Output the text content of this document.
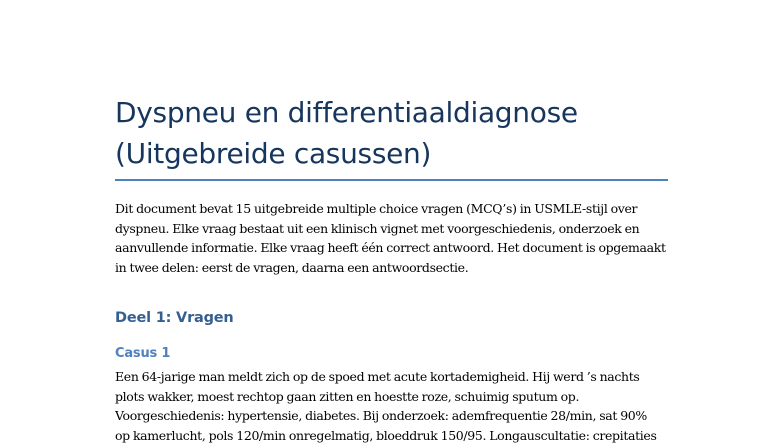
Dyspneu en differentiaaldiagnose
(Uitgebreide casussen)

Dit document bevat 15 uitgebreide multiple choice vragen (MCQ’s) in USMLE-stijl over
dyspneu. Elke vraag bestaat uit een klinisch vignet met voorgeschiedenis, onderzoek en
aanvullende informatie. Elke vraag heeft één correct antwoord. Het document is opgemaakt
in twee delen: eerst de vragen, daarna een antwoordsectie.

Deel 1: Vragen
Casus 1

Een 64-jarige man meldt zich op de spoed met acute kortademigheid. Hij werd ’s nachts
plots wakker, moest rechtop gaan zitten en hoestte roze, schuimig sputum op.
Voorgeschiedenis: hypertensie, diabetes. Bij onderzoek: ademfrequentie 28/min, sat 90%
op kamerlucht, pols 120/min onregelmatig, bloeddruk 150/95. Longauscultatie: crepitaties
